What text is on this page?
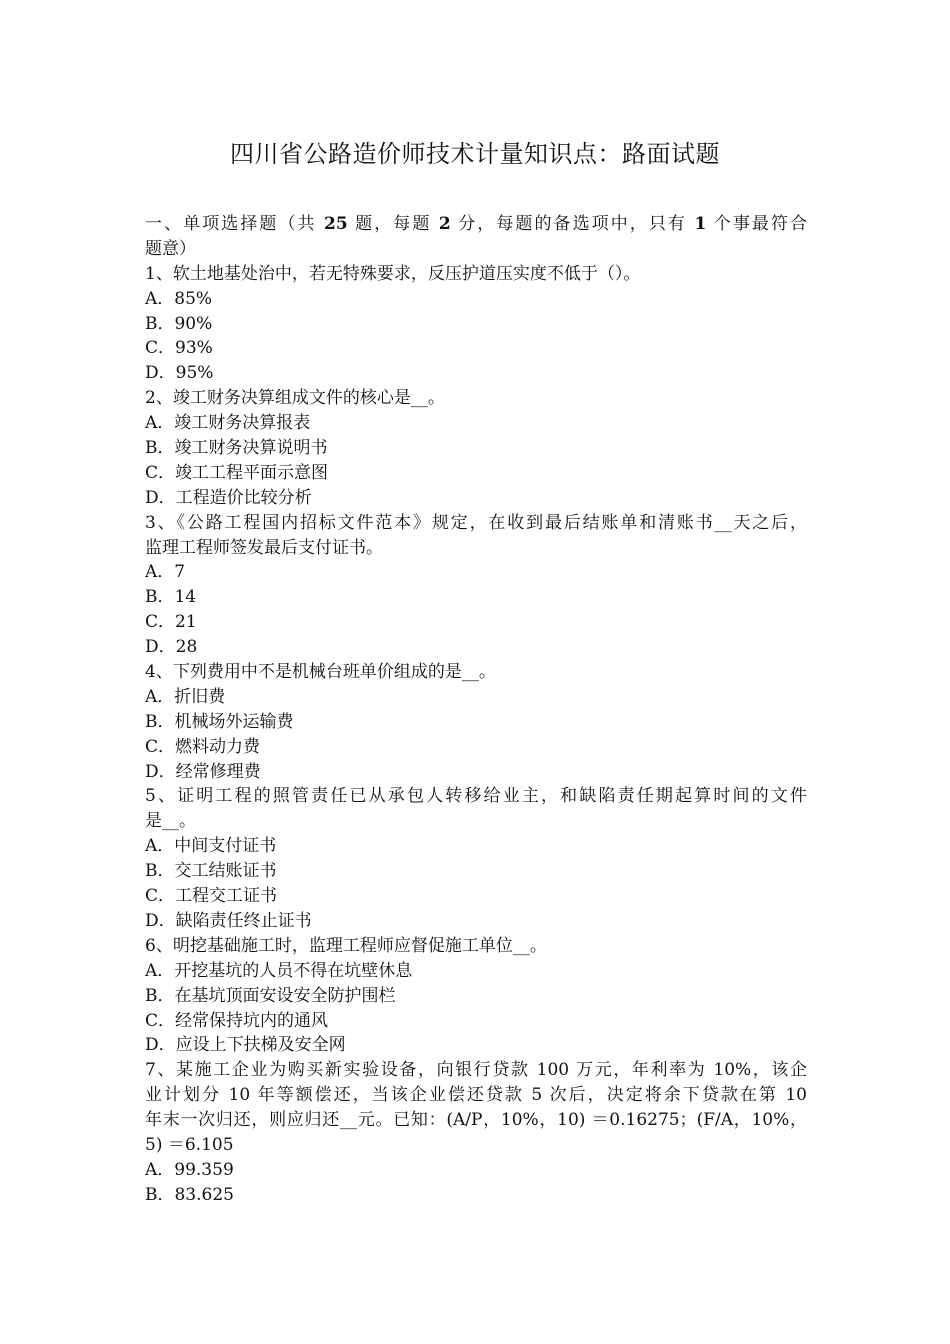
四川省公路造价师技术计量知识点：路面试题
一、单项选择题（共 25 题，每题 2 分，每题的备选项中，只有 1 个事最符合
题意）
1、软土地基处治中，若无特殊要求，反压护道压实度不低于（）。
A．85%
B．90%
C．93%
D．95%
2、竣工财务决算组成文件的核心是__。
A．竣工财务决算报表
B．竣工财务决算说明书
C．竣工工程平面示意图
D．工程造价比较分析
3、《公路工程国内招标文件范本》规定，在收到最后结账单和清账书__天之后，
监理工程师签发最后支付证书。
A．7
B．14
C．21
D．28
4、下列费用中不是机械台班单价组成的是__。
A．折旧费
B．机械场外运输费
C．燃料动力费
D．经常修理费
5、证明工程的照管责任已从承包人转移给业主，和缺陷责任期起算时间的文件
是__。
A．中间支付证书
B．交工结账证书
C．工程交工证书
D．缺陷责任终止证书
6、明挖基础施工时，监理工程师应督促施工单位__。
A．开挖基坑的人员不得在坑壁休息
B．在基坑顶面安设安全防护围栏
C．经常保持坑内的通风
D．应设上下扶梯及安全网
7、某施工企业为购买新实验设备，向银行贷款 100 万元，年利率为 10%，该企
业计划分 10 年等额偿还，当该企业偿还贷款 5 次后，决定将余下贷款在第 10
年末一次归还，则应归还__元。已知：(A/P，10%，10) ＝0.16275；(F/A，10%，
5) ＝6.105
A．99.359
B．83.625
